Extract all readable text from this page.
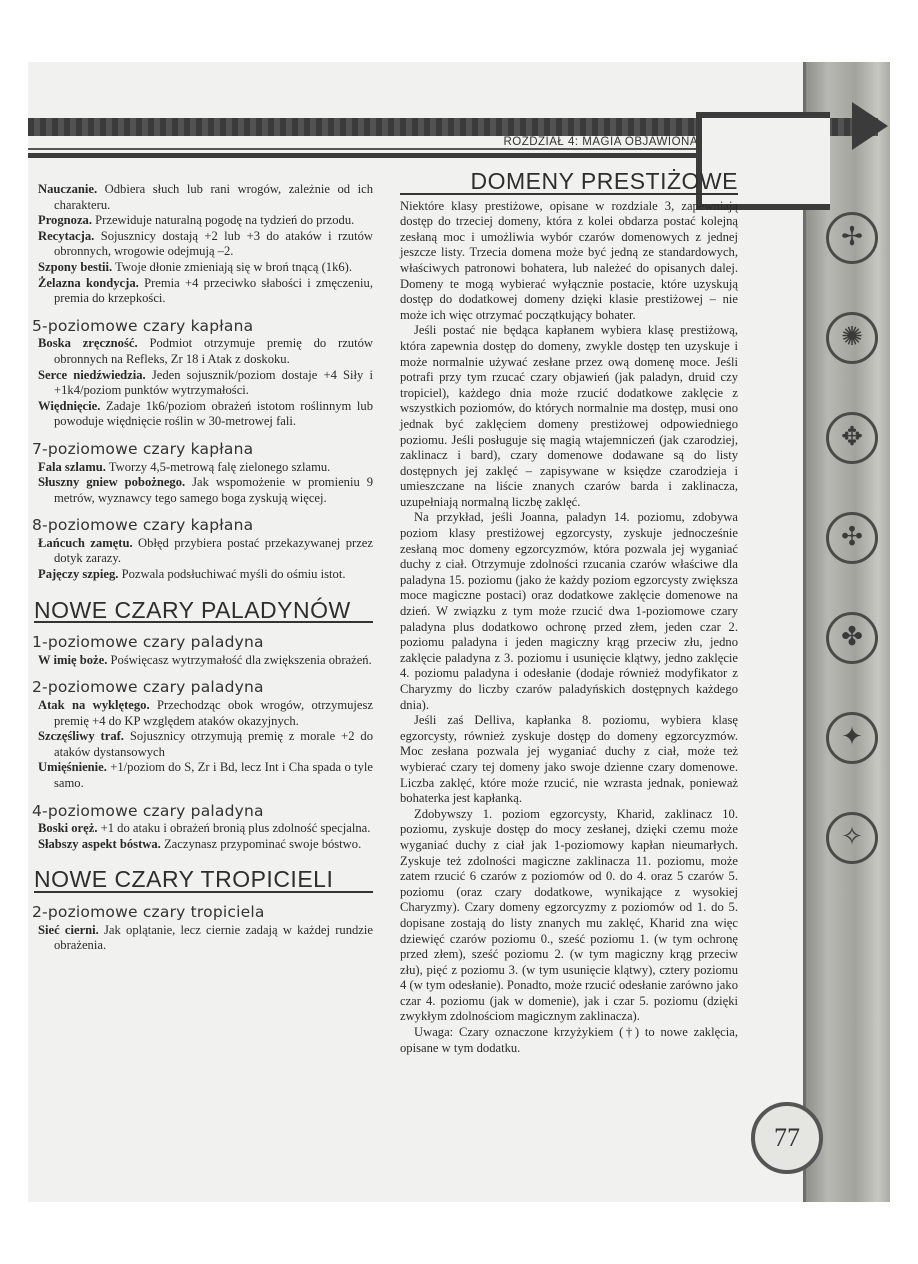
✢
✺
✥
✣
✤
✦
✧
ROZDZIAŁ 4: MAGIA OBJAWIONA

Nauczanie. Odbiera słuch lub rani wrogów, zależnie od ich charakteru.

Prognoza. Przewiduje naturalną pogodę na tydzień do przodu.

Recytacja. Sojusznicy dostają +2 lub +3 do ataków i rzutów obronnych, wrogowie odejmują –2.

Szpony bestii. Twoje dłonie zmieniają się w broń tnącą (1k6).

Żelazna kondycja. Premia +4 przeciwko słabości i zmęczeniu, premia do krzepkości.

5-poziomowe czary kapłana

Boska zręczność. Podmiot otrzymuje premię do rzutów obronnych na Refleks, Zr 18 i Atak z doskoku.

Serce niedźwiedzia. Jeden sojusznik/poziom dostaje +4 Siły i +1k4/poziom punktów wytrzymałości.

Więdnięcie. Zadaje 1k6/poziom obrażeń istotom roślinnym lub powoduje więdnięcie roślin w 30-metrowej fali.

7-poziomowe czary kapłana

Fala szlamu. Tworzy 4,5-metrową falę zielonego szlamu.

Słuszny gniew pobożnego. Jak wspomożenie w promieniu 9 metrów, wyznawcy tego samego boga zyskują więcej.

8-poziomowe czary kapłana

Łańcuch zamętu. Obłęd przybiera postać przekazywanej przez dotyk zarazy.

Pajęczy szpieg. Pozwala podsłuchiwać myśli do ośmiu istot.

NOWE CZARY PALADYNÓW
1-poziomowe czary paladyna

W imię boże. Poświęcasz wytrzymałość dla zwiększenia obrażeń.

2-poziomowe czary paladyna

Atak na wyklętego. Przechodząc obok wrogów, otrzymujesz premię +4 do KP względem ataków okazyjnych.

Szczęśliwy traf. Sojusznicy otrzymują premię z morale +2 do ataków dystansowych

Umięśnienie. +1/poziom do S, Zr i Bd, lecz Int i Cha spada o tyle samo.

4-poziomowe czary paladyna

Boski oręż. +1 do ataku i obrażeń bronią plus zdolność specjalna.

Słabszy aspekt bóstwa. Zaczynasz przypominać swoje bóstwo.

NOWE CZARY TROPICIELI
2-poziomowe czary tropiciela

Sieć cierni. Jak oplątanie, lecz ciernie zadają w każdej rundzie obrażenia.

DOMENY PRESTIŻOWE

Niektóre klasy prestiżowe, opisane w rozdziale 3, zapewniają dostęp do trzeciej domeny, która z kolei obdarza postać kolejną zesłaną moc i umożliwia wybór czarów domenowych z jednej jeszcze listy. Trzecia domena może być jedną ze standardowych, właściwych patronowi bohatera, lub należeć do opisanych dalej. Domeny te mogą wybierać wyłącznie postacie, które uzyskują dostęp do dodatkowej domeny dzięki klasie prestiżowej – nie może ich więc otrzymać początkujący bohater.

Jeśli postać nie będąca kapłanem wybiera klasę prestiżową, która zapewnia dostęp do domeny, zwykle dostęp ten uzyskuje i może normalnie używać zesłane przez ową domenę moce. Jeśli potrafi przy tym rzucać czary objawień (jak paladyn, druid czy tropiciel), każdego dnia może rzucić dodatkowe zaklęcie z wszystkich poziomów, do których normalnie ma dostęp, musi ono jednak być zaklęciem domeny prestiżowej odpowiedniego poziomu. Jeśli posługuje się magią wtajemniczeń (jak czarodziej, zaklinacz i bard), czary domenowe dodawane są do listy dostępnych jej zaklęć – zapisywane w księdze czarodzieja i umieszczane na liście znanych czarów barda i zaklinacza, uzupełniają normalną liczbę zaklęć.

Na przykład, jeśli Joanna, paladyn 14. poziomu, zdobywa poziom klasy prestiżowej egzorcysty, zyskuje jednocześnie zesłaną moc domeny egzorcyzmów, która pozwala jej wyganiać duchy z ciał. Otrzymuje zdolności rzucania czarów właściwe dla paladyna 15. poziomu (jako że każdy poziom egzorcysty zwiększa moce magiczne postaci) oraz dodatkowe zaklęcie domenowe na dzień. W związku z tym może rzucić dwa 1-poziomowe czary paladyna plus dodatkowo ochronę przed złem, jeden czar 2. poziomu paladyna i jeden magiczny krąg przeciw złu, jedno zaklęcie paladyna z 3. poziomu i usunięcie klątwy, jedno zaklęcie 4. poziomu paladyna i odesłanie (dodaje również modyfikator z Charyzmy do liczby czarów paladyńskich dostępnych każdego dnia).

Jeśli zaś Delliva, kapłanka 8. poziomu, wybiera klasę egzorcysty, również zyskuje dostęp do domeny egzorcyzmów. Moc zesłana pozwala jej wyganiać duchy z ciał, może też wybierać czary tej domeny jako swoje dzienne czary domenowe. Liczba zaklęć, które może rzucić, nie wzrasta jednak, ponieważ bohaterka jest kapłanką.

Zdobywszy 1. poziom egzorcysty, Kharid, zaklinacz 10. poziomu, zyskuje dostęp do mocy zesłanej, dzięki czemu może wyganiać duchy z ciał jak 1-poziomowy kapłan nieumarłych. Zyskuje też zdolności magiczne zaklinacza 11. poziomu, może zatem rzucić 6 czarów z poziomów od 0. do 4. oraz 5 czarów 5. poziomu (oraz czary dodatkowe, wynikające z wysokiej Charyzmy). Czary domeny egzorcyzmy z poziomów od 1. do 5. dopisane zostają do listy znanych mu zaklęć, Kharid zna więc dziewięć czarów poziomu 0., sześć poziomu 1. (w tym ochronę przed złem), sześć poziomu 2. (w tym magiczny krąg przeciw złu), pięć z poziomu 3. (w tym usunięcie klątwy), cztery poziomu 4 (w tym odesłanie). Ponadto, może rzucić odesłanie zarówno jako czar 4. poziomu (jak w domenie), jak i czar 5. poziomu (dzięki zwykłym zdolnościom magicznym zaklinacza).

Uwaga: Czary oznaczone krzyżykiem (†) to nowe zaklęcia, opisane w tym dodatku.

77
